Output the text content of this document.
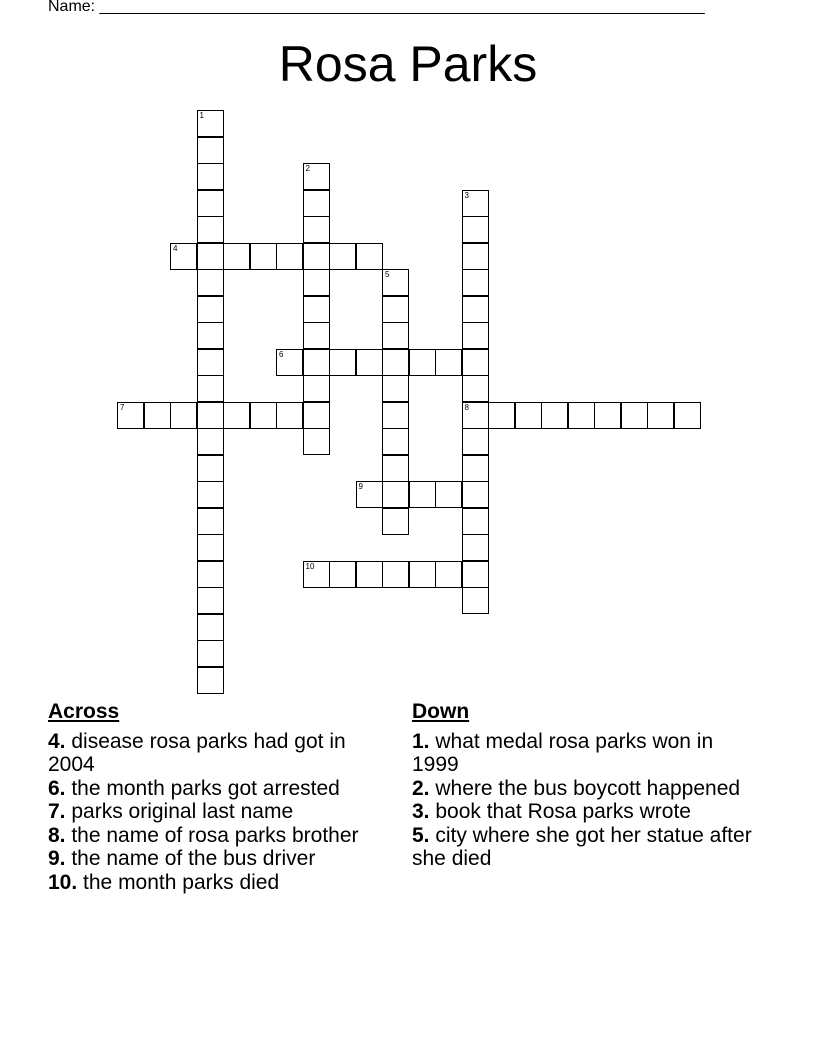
Name: ____________________________________________________________________
Rosa Parks
1
2
3
8
4
5
6
7
9
10
Across
4. disease rosa parks had got in 2004
6. the month parks got arrested
7. parks original last name
8. the name of rosa parks brother
9. the name of the bus driver
10. the month parks died
Down
1. what medal rosa parks won in 1999
2. where the bus boycott happened
3. book that Rosa parks wrote
5. city where she got her statue after she died
